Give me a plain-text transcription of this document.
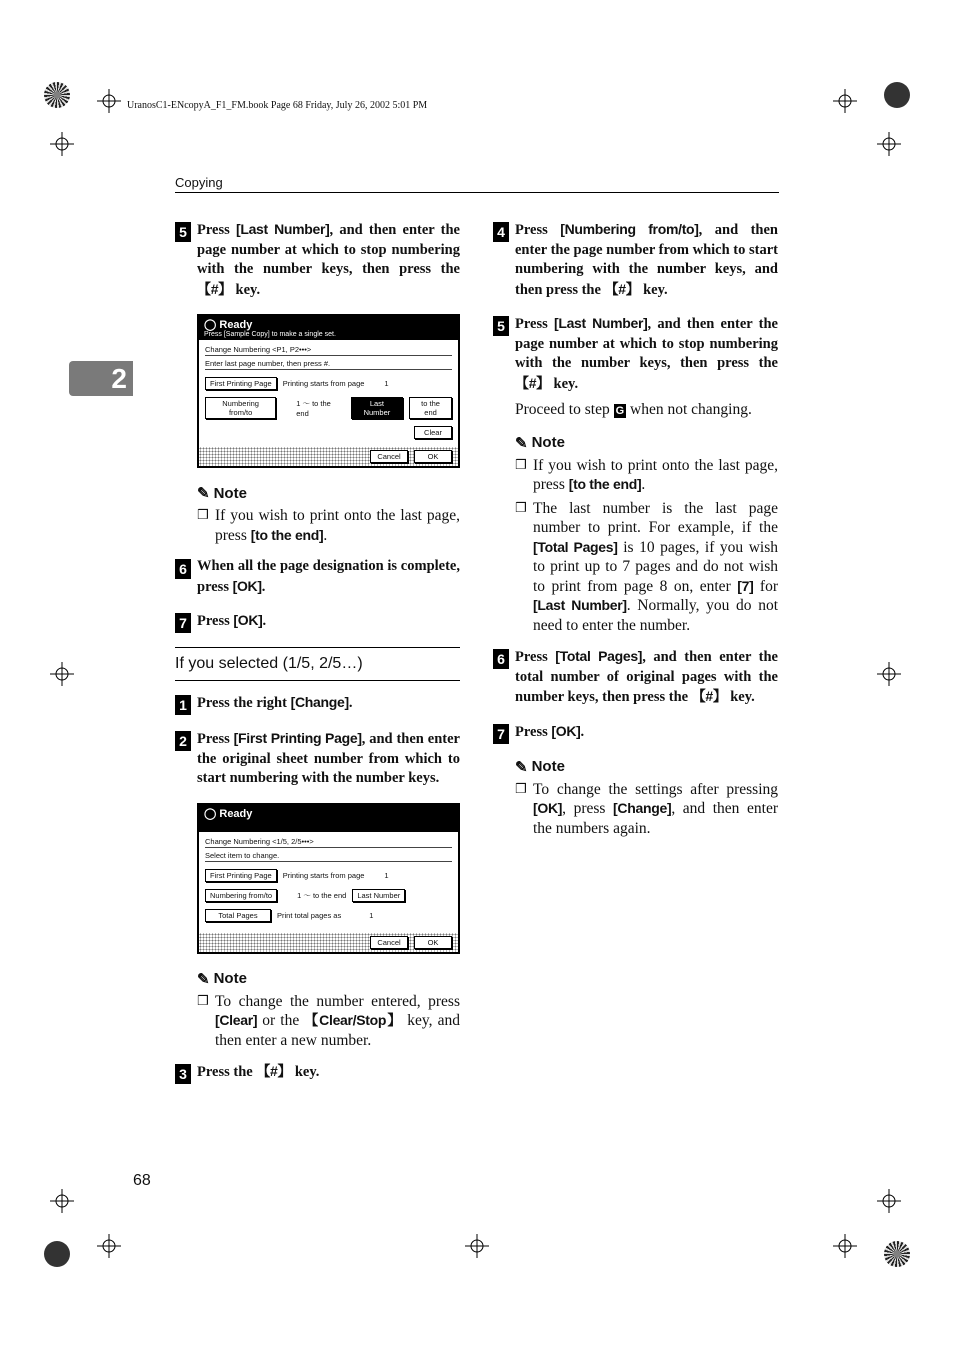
UranosC1-ENcopyA_F1_FM.book Page 68 Friday, July 26, 2002 5:01 PM
Copying
2
5 Press [Last Number], and then enter the page number at which to stop numbering with the number keys, then press the 【#】 key.
◯ Ready
Press [Sample Copy] to make a single set.
Change Numbering <P1, P2•••>
Enter last page number, then press #.
First Printing Page	Printing starts from page	1
Numbering from/to
1 ～ to the end
Last Number
to the end
Clear
Cancel	OK
✎ Note
❒ If you wish to print onto the last page, press [to the end].
6 When all the page designation is complete, press [OK].
7 Press [OK].
If you selected (1/5, 2/5…)
1 Press the right [Change].
2 Press [First Printing Page], and then enter the original sheet number from which to start numbering with the number keys.
◯ Ready
Change Numbering <1/5, 2/5•••>
Select item to change.
First Printing Page	Printing starts from page	1
Numbering from/to	1 ～ to the end	Last Number
Total Pages	Print total pages as	1
Cancel	OK
✎ Note
❒ To change the number entered, press [Clear] or the 【Clear/Stop】 key, and then enter a new number.
3 Press the 【#】 key.
4 Press [Numbering from/to], and then enter the page number from which to start numbering with the number keys, and then press the 【#】 key.
5 Press [Last Number], and then enter the page number at which to stop numbering with the number keys, then press the 【#】 key.
Proceed to step G when not changing.
✎ Note
❒ If you wish to print onto the last page, press [to the end].
❒ The last number is the last page number to print. For example, if the [Total Pages] is 10 pages, if you wish to print up to 7 pages and do not wish to print from page 8 on, enter [7] for [Last Number]. Normally, you do not need to enter the number.
6 Press [Total Pages], and then enter the total number of original pages with the number keys, then press the 【#】 key.
7 Press [OK].
✎ Note
❒ To change the settings after pressing [OK], press [Change], and then enter the numbers again.
68
